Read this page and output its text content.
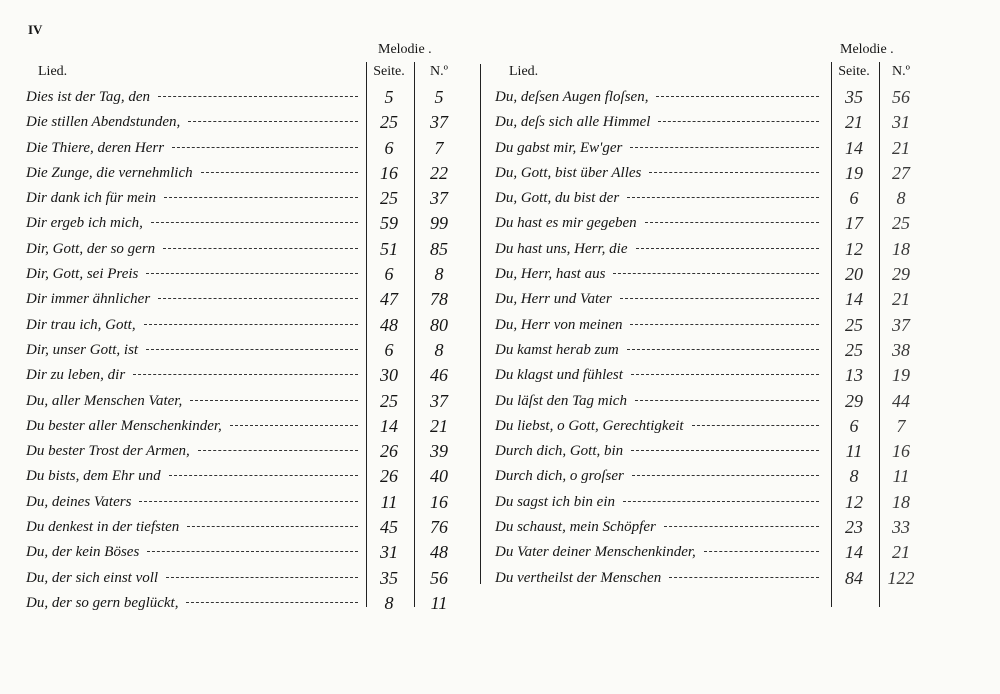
IV
Melodie .
Lied.	Seite.	N.º
Dies ist der Tag, den	5	5
Die stillen Abendstunden,	25	37
Die Thiere, deren Herr	6	7
Die Zunge, die vernehmlich	16	22
Dir dank ich für mein	25	37
Dir ergeb ich mich,	59	99
Dir, Gott, der so gern	51	85
Dir, Gott, sei Preis	6	8
Dir immer ähnlicher	47	78
Dir trau ich, Gott,	48	80
Dir, unser Gott, ist	6	8
Dir zu leben, dir	30	46
Du, aller Menschen Vater,	25	37
Du bester aller Menschenkinder,	14	21
Du bester Trost der Armen,	26	39
Du bists, dem Ehr und	26	40
Du, deines Vaters	11	16
Du denkest in der tiefsten	45	76
Du, der kein Böses	31	48
Du, der sich einst voll	35	56
Du, der so gern beglückt,	8	11
Melodie .
Lied.	Seite.	N.º
Du, deſsen Augen floſsen,	35	56
Du, deſs sich alle Himmel	21	31
Du gabst mir, Ew'ger	14	21
Du, Gott, bist über Alles	19	27
Du, Gott, du bist der	6	8
Du hast es mir gegeben	17	25
Du hast uns, Herr, die	12	18
Du, Herr, hast aus	20	29
Du, Herr und Vater	14	21
Du, Herr von meinen	25	37
Du kamst herab zum	25	38
Du klagst und fühlest	13	19
Du läſst den Tag mich	29	44
Du liebst, o Gott, Gerechtigkeit	6	7
Durch dich, Gott, bin	11	16
Durch dich, o groſser	8	11
Du sagst ich bin ein	12	18
Du schaust, mein Schöpfer	23	33
Du Vater deiner Menschenkinder,	14	21
Du vertheilst der Menschen	84	122
